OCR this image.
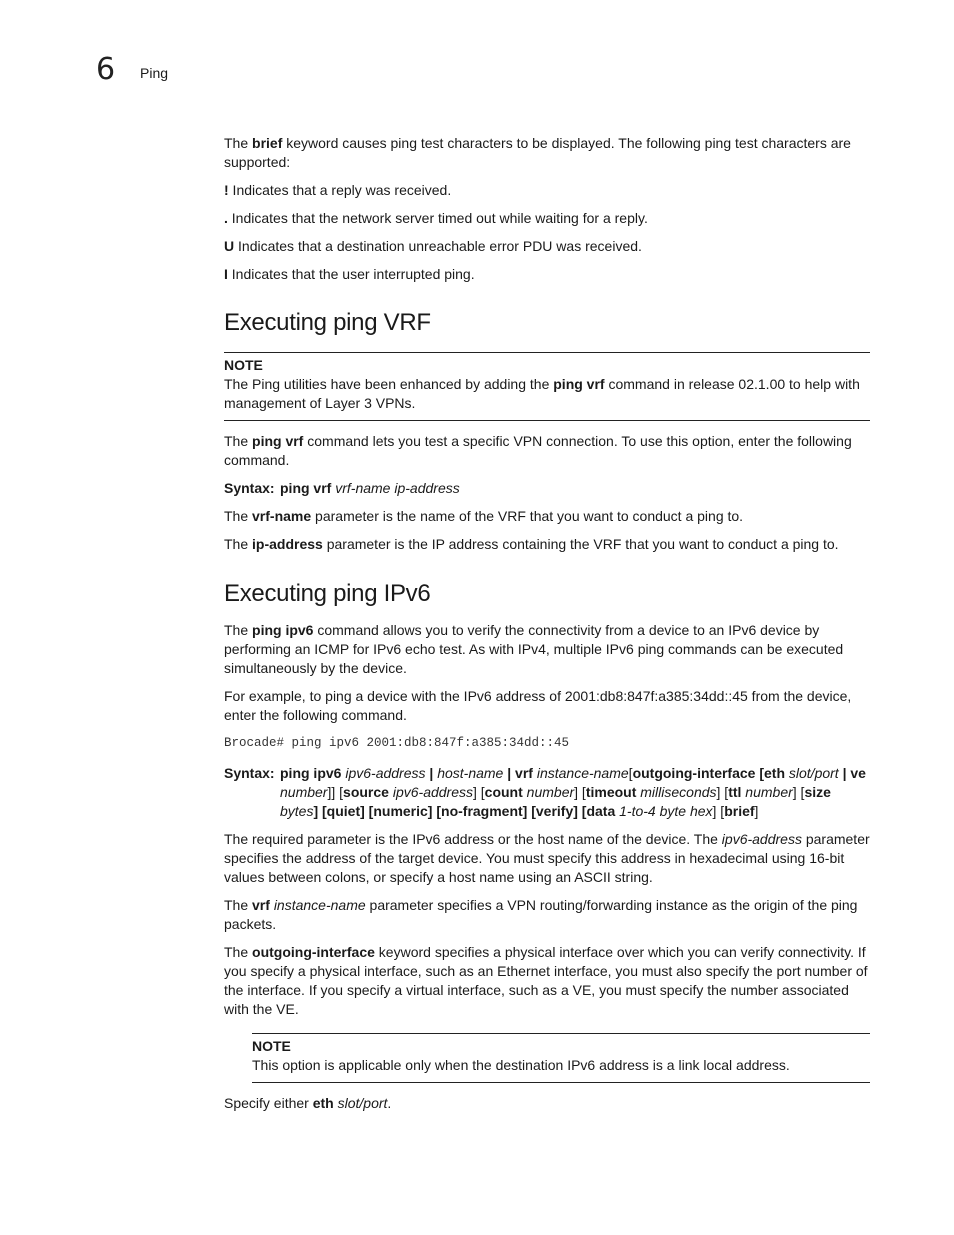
6 Ping

The brief keyword causes ping test characters to be displayed. The following ping test characters are supported:

! Indicates that a reply was received.

. Indicates that the network server timed out while waiting for a reply.

U Indicates that a destination unreachable error PDU was received.

I Indicates that the user interrupted ping.

Executing ping VRF
NOTE

The Ping utilities have been enhanced by adding the ping vrf command in release 02.1.00 to help with management of Layer 3 VPNs.

The ping vrf command lets you test a specific VPN connection. To use this option, enter the following command.

Syntax: ping vrf vrf-name ip-address

The vrf-name parameter is the name of the VRF that you want to conduct a ping to.

The ip-address parameter is the IP address containing the VRF that you want to conduct a ping to.

Executing ping IPv6

The ping ipv6 command allows you to verify the connectivity from a device to an IPv6 device by performing an ICMP for IPv6 echo test. As with IPv4, multiple IPv6 ping commands can be executed simultaneously by the device.

For example, to ping a device with the IPv6 address of 2001:db8:847f:a385:34dd::45 from the device, enter the following command.

Brocade# ping ipv6 2001:db8:847f:a385:34dd::45

Syntax: ping ipv6 ipv6-address | host-name | vrf instance-name[outgoing-interface [eth slot/port | ve number]] [source ipv6-address] [count number] [timeout milliseconds] [ttl number] [size bytes] [quiet] [numeric] [no-fragment] [verify] [data 1-to-4 byte hex] [brief]

The required parameter is the IPv6 address or the host name of the device. The ipv6-address parameter specifies the address of the target device. You must specify this address in hexadecimal using 16-bit values between colons, or specify a host name using an ASCII string.

The vrf instance-name parameter specifies a VPN routing/forwarding instance as the origin of the ping packets.

The outgoing-interface keyword specifies a physical interface over which you can verify connectivity. If you specify a physical interface, such as an Ethernet interface, you must also specify the port number of the interface. If you specify a virtual interface, such as a VE, you must specify the number associated with the VE.

NOTE

This option is applicable only when the destination IPv6 address is a link local address.

Specify either eth slot/port.
